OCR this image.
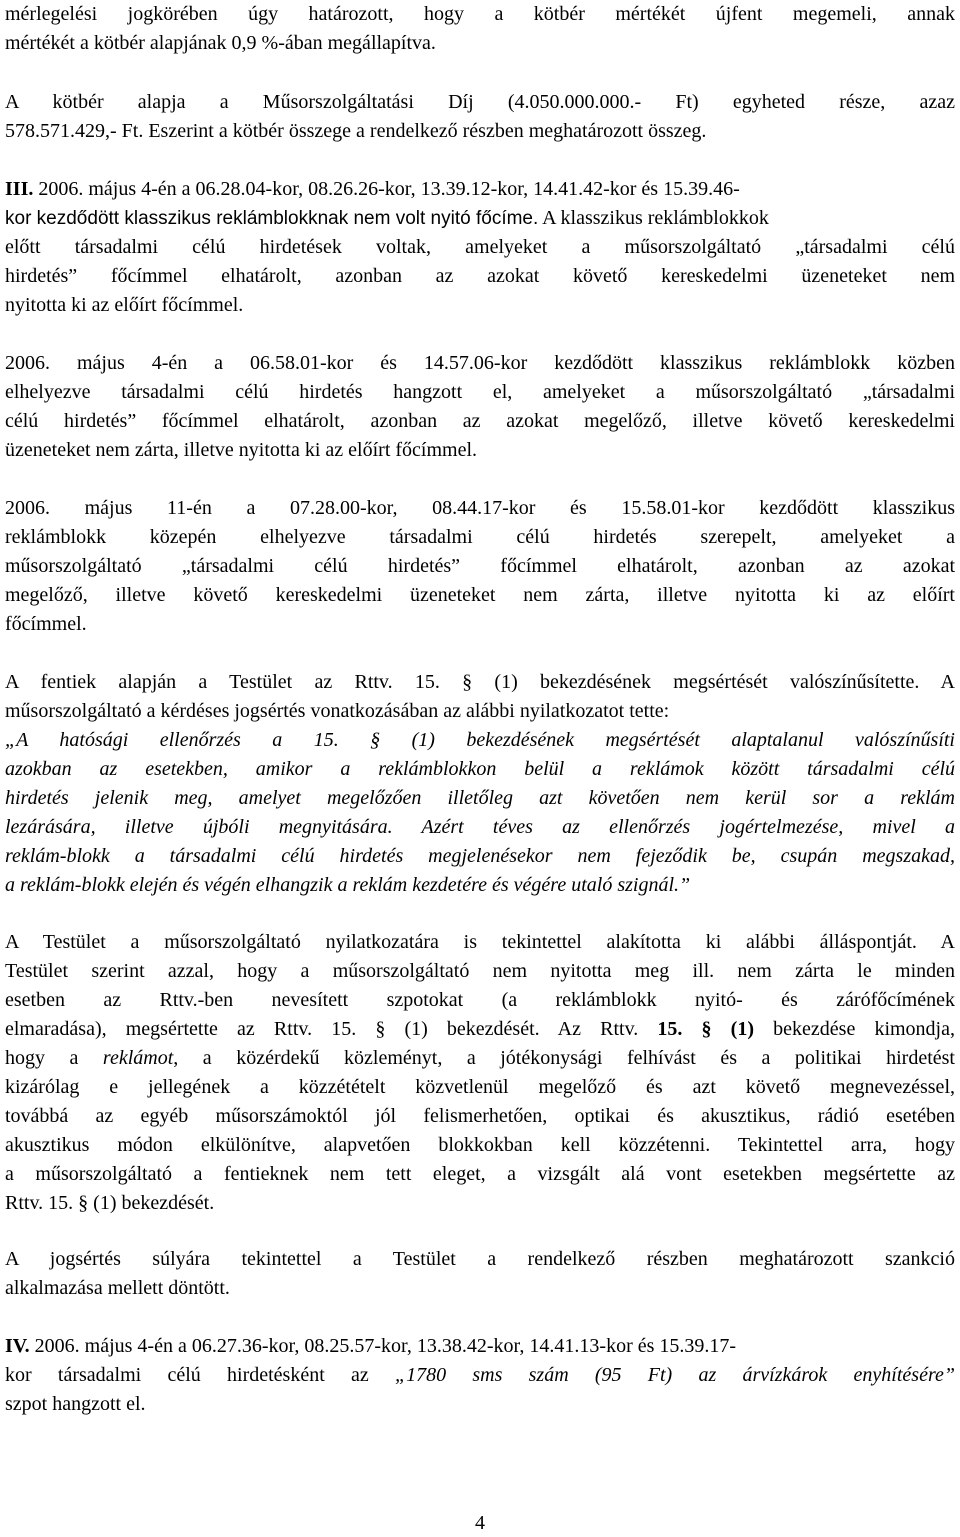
mérlegelési jogkörében úgy határozott, hogy a kötbér mértékét újfent megemeli, annak
mértékét a kötbér alapjának 0,9 %-ában megállapítva.
A kötbér alapja a Műsorszolgáltatási Díj (4.050.000.000.- Ft) egyheted része, azaz
578.571.429,- Ft. Eszerint a kötbér összege a rendelkező részben meghatározott összeg.
III. 2006. május 4-én a 06.28.04-kor, 08.26.26-kor, 13.39.12-kor, 14.41.42-kor és 15.39.46-
kor kezdődött klasszikus reklámblokknak nem volt nyitó főcíme. A klasszikus reklámblokkok
előtt társadalmi célú hirdetések voltak, amelyeket a műsorszolgáltató „társadalmi célú
hirdetés” főcímmel elhatárolt, azonban az azokat követő kereskedelmi üzeneteket nem
nyitotta ki az előírt főcímmel.
2006. május 4-én a 06.58.01-kor és 14.57.06-kor kezdődött klasszikus reklámblokk közben
elhelyezve társadalmi célú hirdetés hangzott el, amelyeket a műsorszolgáltató „társadalmi
célú hirdetés” főcímmel elhatárolt, azonban az azokat megelőző, illetve követő kereskedelmi
üzeneteket nem zárta, illetve nyitotta ki az előírt főcímmel.
2006. május 11-én a 07.28.00-kor, 08.44.17-kor és 15.58.01-kor kezdődött klasszikus
reklámblokk közepén elhelyezve társadalmi célú hirdetés szerepelt, amelyeket a
műsorszolgáltató „társadalmi célú hirdetés” főcímmel elhatárolt, azonban az azokat
megelőző, illetve követő kereskedelmi üzeneteket nem zárta, illetve nyitotta ki az előírt
főcímmel.
A fentiek alapján a Testület az Rttv. 15. § (1) bekezdésének megsértését valószínűsítette. A
műsorszolgáltató a kérdéses jogsértés vonatkozásában az alábbi nyilatkozatot tette:
„A hatósági ellenőrzés a 15. § (1) bekezdésének megsértését alaptalanul valószínűsíti
azokban az esetekben, amikor a reklámblokkon belül a reklámok között társadalmi célú
hirdetés jelenik meg, amelyet megelőzően illetőleg azt követően nem kerül sor a reklám
lezárására, illetve újbóli megnyitására. Azért téves az ellenőrzés jogértelmezése, mivel a
reklám-blokk a társadalmi célú hirdetés megjelenésekor nem fejeződik be, csupán megszakad,
a reklám-blokk elején és végén elhangzik a reklám kezdetére és végére utaló szignál.”
A Testület a műsorszolgáltató nyilatkozatára is tekintettel alakította ki alábbi álláspontját. A
Testület szerint azzal, hogy a műsorszolgáltató nem nyitotta meg ill. nem zárta le minden
esetben az Rttv.-ben nevesített szpotokat (a reklámblokk nyitó- és zárófőcímének
elmaradása), megsértette az Rttv. 15. § (1) bekezdését. Az Rttv. 15. § (1) bekezdése kimondja,
hogy a reklámot, a közérdekű közleményt, a jótékonysági felhívást és a politikai hirdetést
kizárólag e jellegének a közzétételt közvetlenül megelőző és azt követő megnevezéssel,
továbbá az egyéb műsorszámoktól jól felismerhetően, optikai és akusztikus, rádió esetében
akusztikus módon elkülönítve, alapvetően blokkokban kell közzétenni. Tekintettel arra, hogy
a műsorszolgáltató a fentieknek nem tett eleget, a vizsgált alá vont esetekben megsértette az
Rttv. 15. § (1) bekezdését.
A jogsértés súlyára tekintettel a Testület a rendelkező részben meghatározott szankció
alkalmazása mellett döntött.
IV. 2006. május 4-én a 06.27.36-kor, 08.25.57-kor, 13.38.42-kor, 14.41.13-kor és 15.39.17-
kor társadalmi célú hirdetésként az „1780 sms szám (95 Ft) az árvízkárok enyhítésére”
szpot hangzott el.
4
